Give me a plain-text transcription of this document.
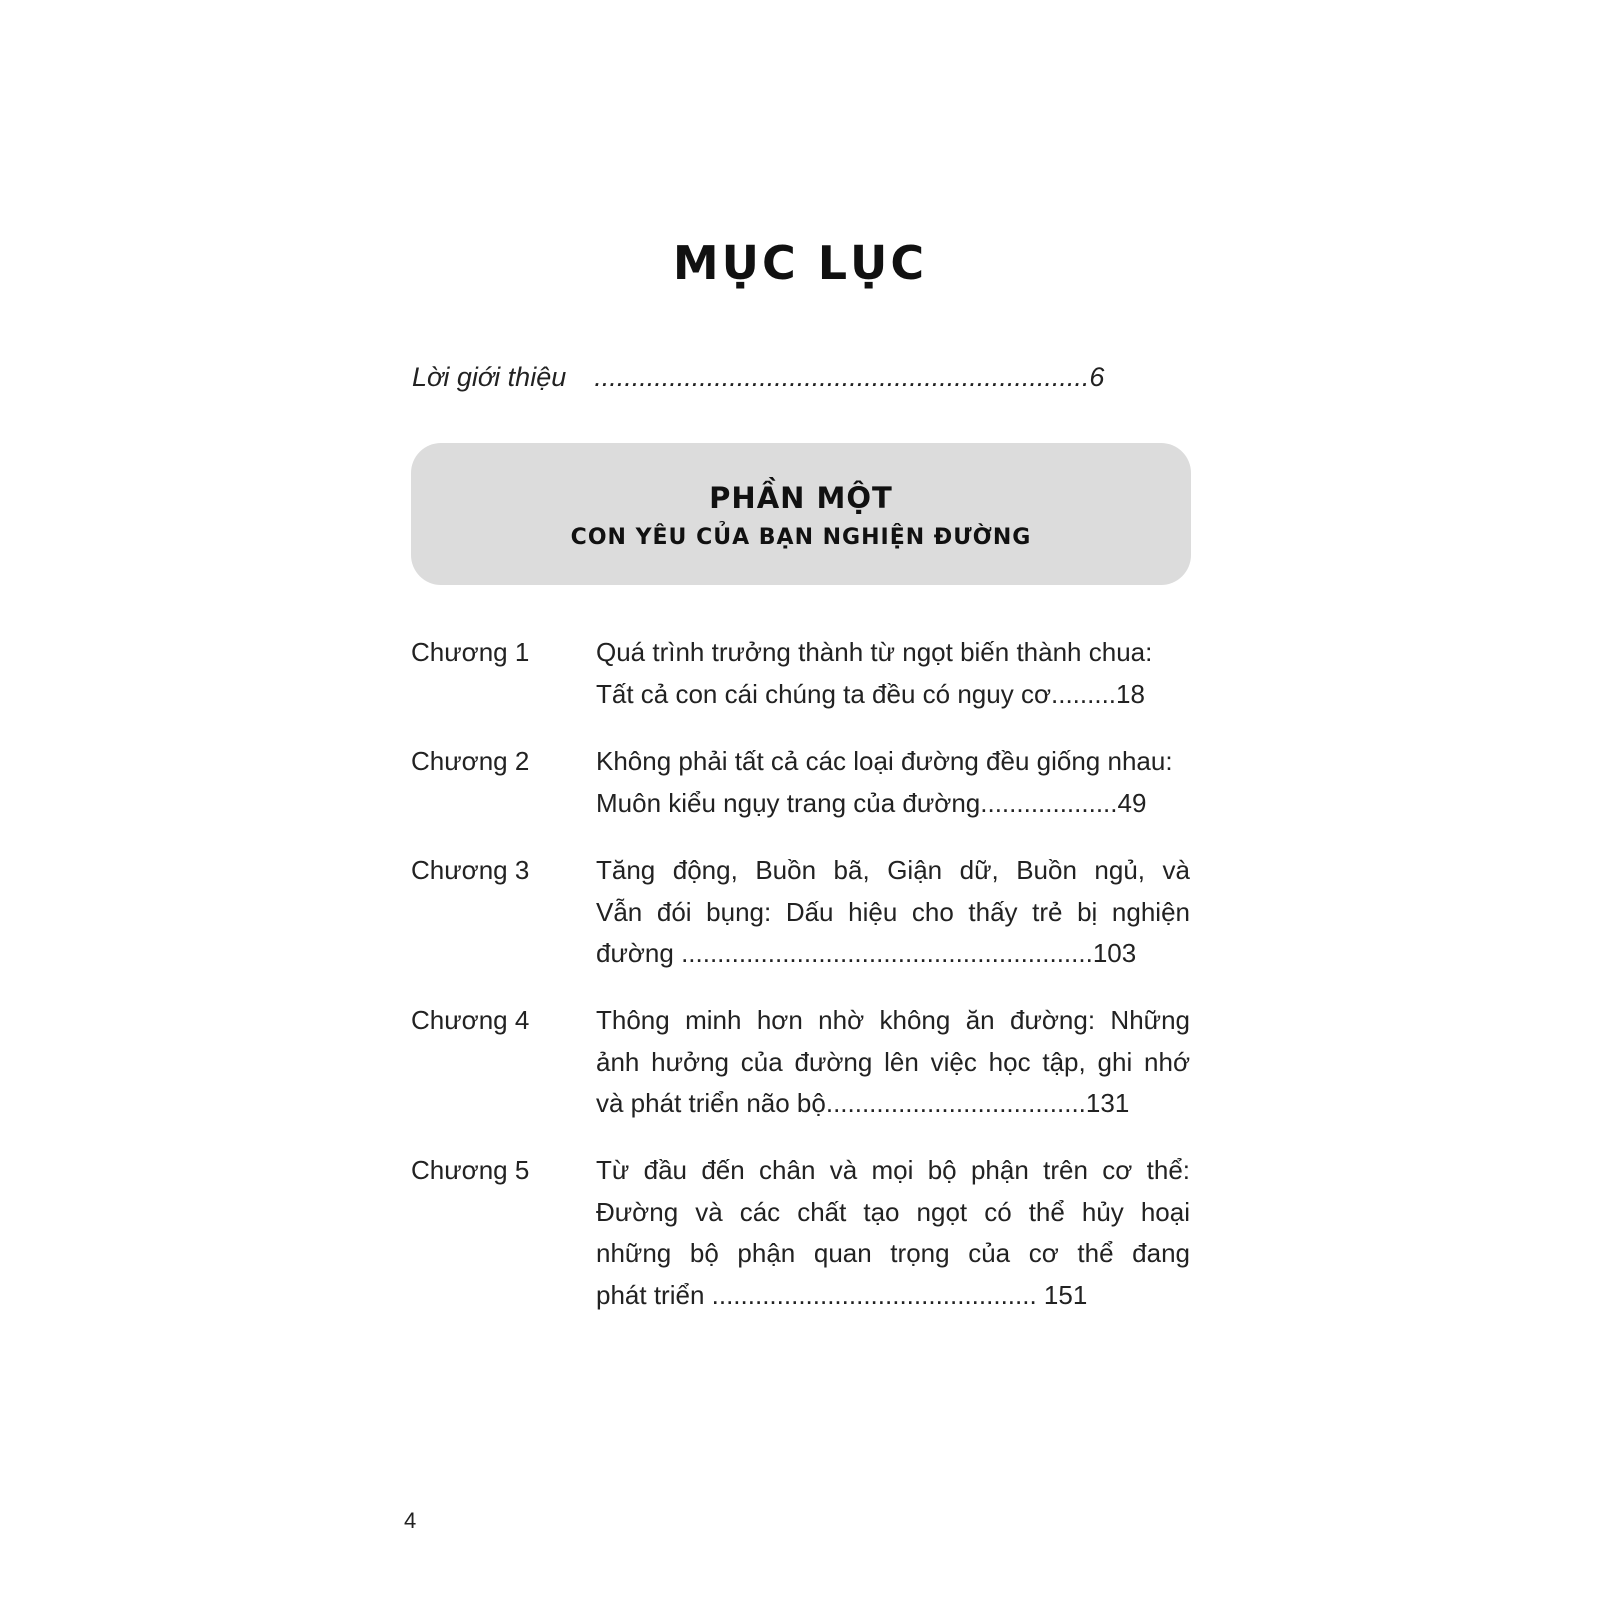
MỤC LỤC
Lời giới thiệu ..................................................................6
PHẦN MỘT
CON YÊU CỦA BẠN NGHIỆN ĐƯỜNG
Chương 1	Quá trình trưởng thành từ ngọt biến thành chua:
Tất cả con cái chúng ta đều có nguy cơ.........18
Chương 2	Không phải tất cả các loại đường đều giống nhau:
Muôn kiểu ngụy trang của đường...................49
Chương 3	Tăng động, Buồn bã, Giận dữ, Buồn ngủ, và
Vẫn đói bụng: Dấu hiệu cho thấy trẻ bị nghiện
đường .........................................................103
Chương 4	Thông minh hơn nhờ không ăn đường: Những
ảnh hưởng của đường lên việc học tập, ghi nhớ
và phát triển não bộ....................................131
Chương 5	Từ đầu đến chân và mọi bộ phận trên cơ thể:
Đường và các chất tạo ngọt có thể hủy hoại
những bộ phận quan trọng của cơ thể đang
phát triển ............................................. 151
4
